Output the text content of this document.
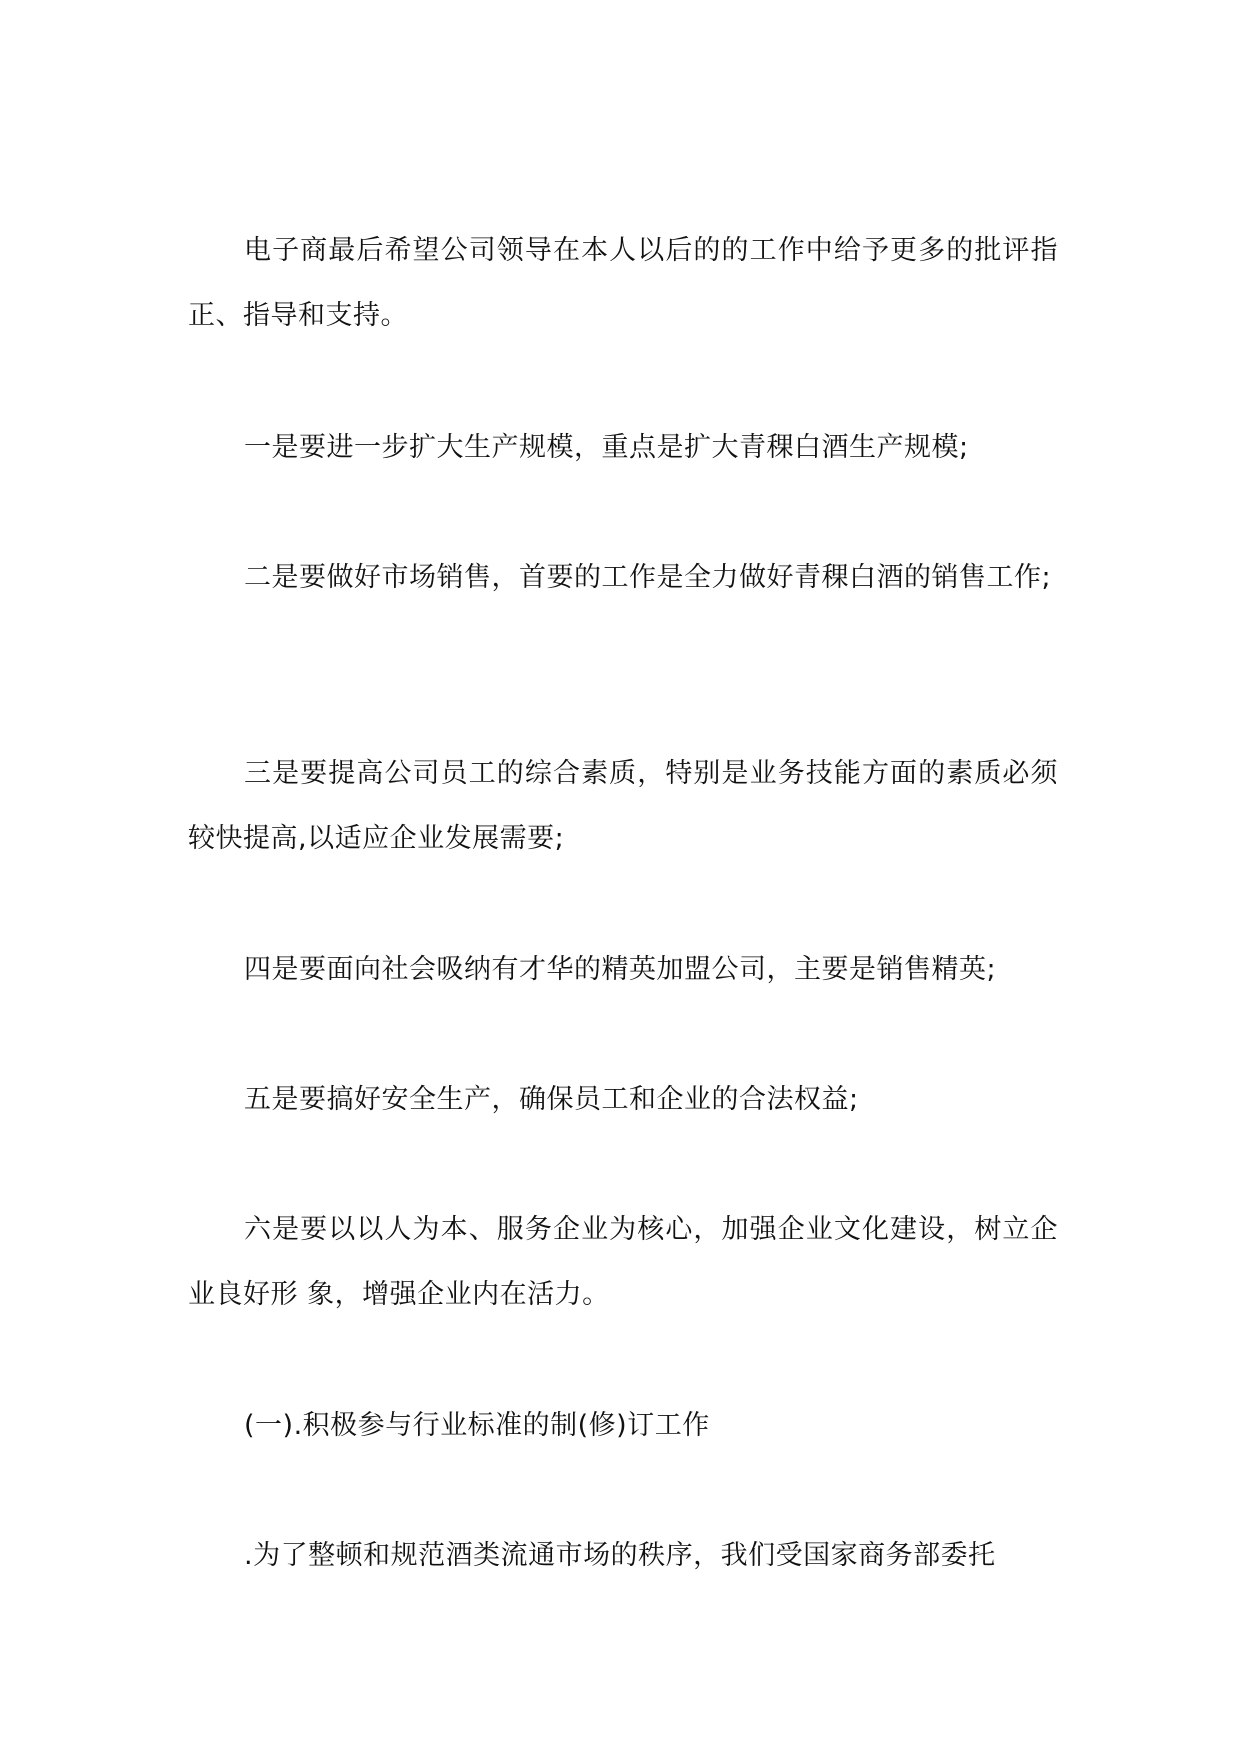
电子商最后希望公司领导在本人以后的的工作中给予更多的批评指正、指导和支持。

一是要进一步扩大生产规模，重点是扩大青稞白酒生产规模;

二是要做好市场销售，首要的工作是全力做好青稞白酒的销售工作;

三是要提高公司员工的综合素质，特别是业务技能方面的素质必须较快提高,以适应企业发展需要;

四是要面向社会吸纳有才华的精英加盟公司，主要是销售精英;

五是要搞好安全生产，确保员工和企业的合法权益;

六是要以以人为本、服务企业为核心，加强企业文化建设，树立企业良好形 象，增强企业内在活力。

(一).积极参与行业标准的制(修)订工作

.为了整顿和规范酒类流通市场的秩序，我们受国家商务部委托
